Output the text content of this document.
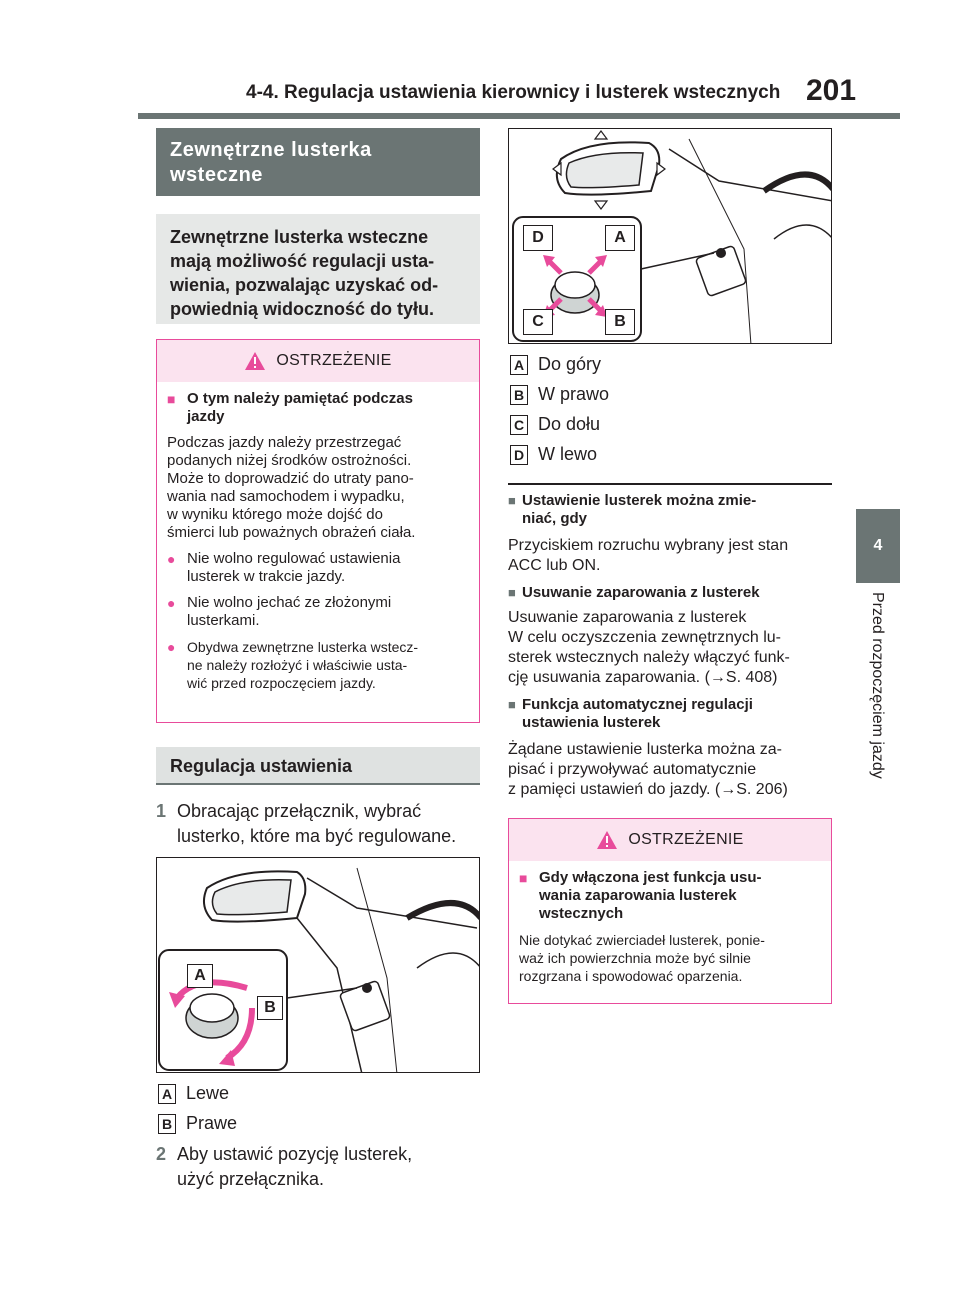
4-4. Regulacja ustawienia kierownicy i lusterek wstecznych 201
4
Przed rozpoczęciem jazdy
Zewnętrzne lusterka
wsteczne
Zewnętrzne lusterka wsteczne
mają możliwość regulacji usta-
wienia, pozwalając uzyskać od-
powiednią widoczność do tyłu.
OSTRZEŻENIE
■ O tym należy pamiętać podczas
jazdy
Podczas jazdy należy przestrzegać
podanych niżej środków ostrożności.
Może to doprowadzić do utraty pano-
wania nad samochodem i wypadku,
w wyniku którego może dojść do
śmierci lub poważnych obrażeń ciała.
● Nie wolno regulować ustawienia
lusterek w trakcie jazdy.
● Nie wolno jechać ze złożonymi
lusterkami.
● Obydwa zewnętrzne lusterka wstecz-
ne należy rozłożyć i właściwie usta-
wić przed rozpoczęciem jazdy.
Regulacja ustawienia
1 Obracając przełącznik, wybrać
lusterko, które ma być regulowane.
A
B
A Lewe
B Prawe
2 Aby ustawić pozycję lusterek,
użyć przełącznika.
D	A
C	B
A Do góry
B W prawo
C Do dołu
D W lewo
■ Ustawienie lusterek można zmie-
niać, gdy
Przyciskiem rozruchu wybrany jest stan
ACC lub ON.
■ Usuwanie zaparowania z lusterek
Usuwanie zaparowania z lusterek
W celu oczyszczenia zewnętrznych lu-
sterek wstecznych należy włączyć funk-
cję usuwania zaparowania. (→S. 408)
■ Funkcja automatycznej regulacji
ustawienia lusterek
Żądane ustawienie lusterka można za-
pisać i przywoływać automatycznie
z pamięci ustawień do jazdy. (→S. 206)
OSTRZEŻENIE
■ Gdy włączona jest funkcja usu-
wania zaparowania lusterek
wstecznych
Nie dotykać zwierciadeł lusterek, ponie-
waż ich powierzchnia może być silnie
rozgrzana i spowodować oparzenia.
